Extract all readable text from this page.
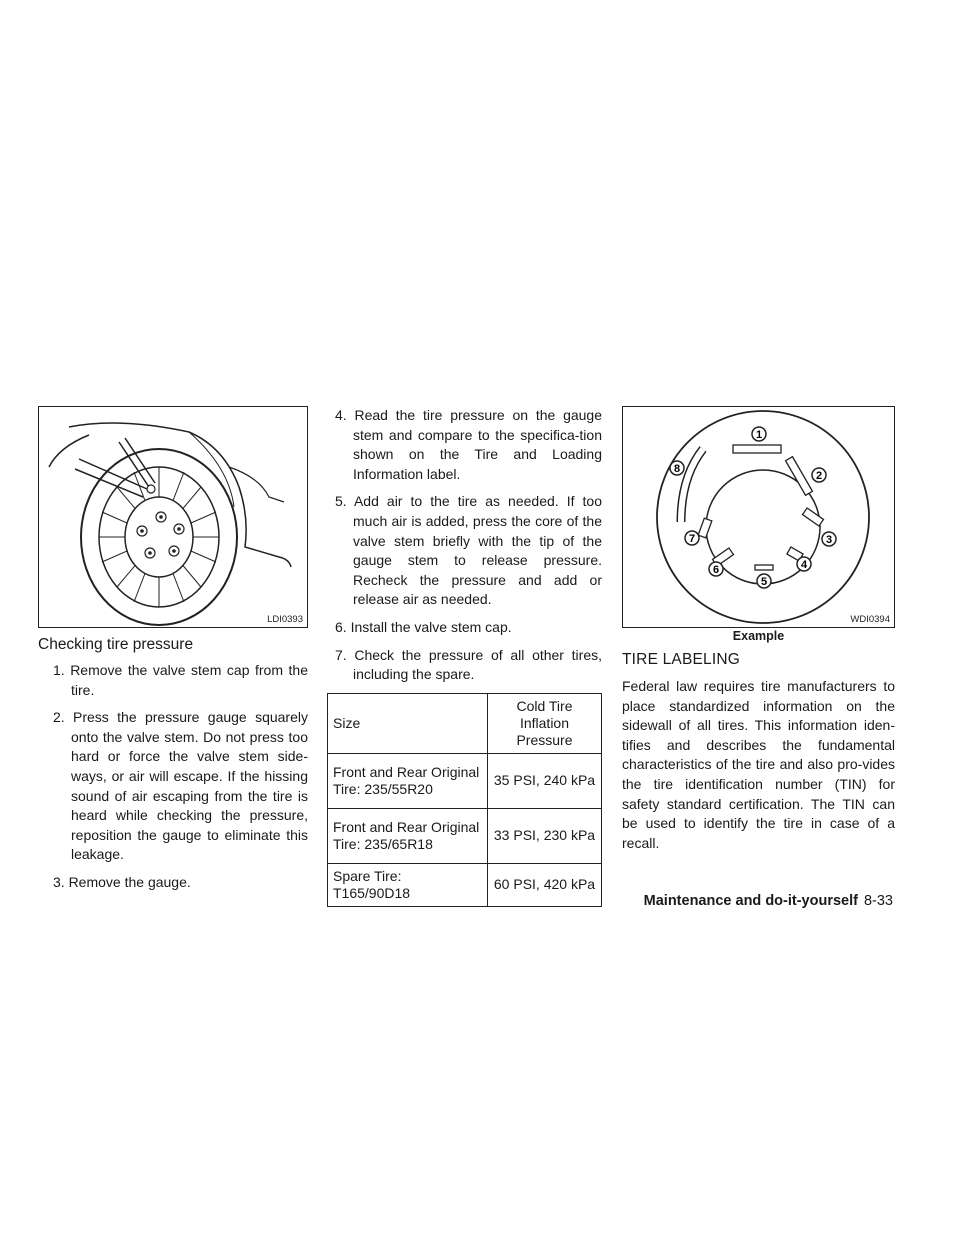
LDI0393
Checking tire pressure
1. Remove the valve stem cap from the tire.
2. Press the pressure gauge squarely onto the valve stem. Do not press too hard or force the valve stem side-ways, or air will escape. If the hissing sound of air escaping from the tire is heard while checking the pressure, reposition the gauge to eliminate this leakage.
3. Remove the gauge.
4. Read the tire pressure on the gauge stem and compare to the specifica-tion shown on the Tire and Loading Information label.
5. Add air to the tire as needed. If too much air is added, press the core of the valve stem briefly with the tip of the gauge stem to release pressure. Recheck the pressure and add or release air as needed.
6. Install the valve stem cap.
7. Check the pressure of all other tires, including the spare.
Size	Cold Tire Inflation Pressure
Front and Rear Original Tire: 235/55R20	35 PSI, 240 kPa
Front and Rear Original Tire: 235/65R18	33 PSI, 230 kPa
Spare Tire: T165/90D18	60 PSI, 420 kPa
1
2
3
4
5
6
7
8
WDI0394
Example
TIRE LABELING

Federal law requires tire manufacturers to place standardized information on the sidewall of all tires. This information iden-tifies and describes the fundamental characteristics of the tire and also pro-vides the tire identification number (TIN) for safety standard certification. The TIN can be used to identify the tire in case of a recall.

Maintenance and do-it-yourself 8-33
